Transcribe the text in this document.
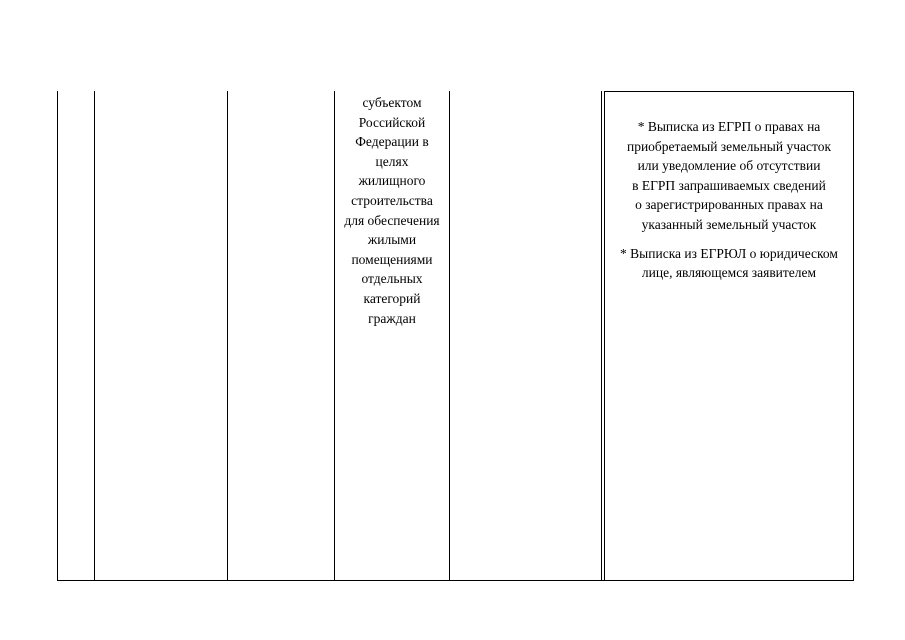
субъектом
Российской
Федерации в
целях
жилищного
строительства
для обеспечения
жилыми
помещениями
отдельных
категорий
граждан
* Выписка из ЕГРП о правах на
приобретаемый земельный участок
или уведомление об отсутствии
в ЕГРП запрашиваемых сведений
о зарегистрированных правах на
указанный земельный участок
* Выписка из ЕГРЮЛ о юридическом
лице, являющемся заявителем
